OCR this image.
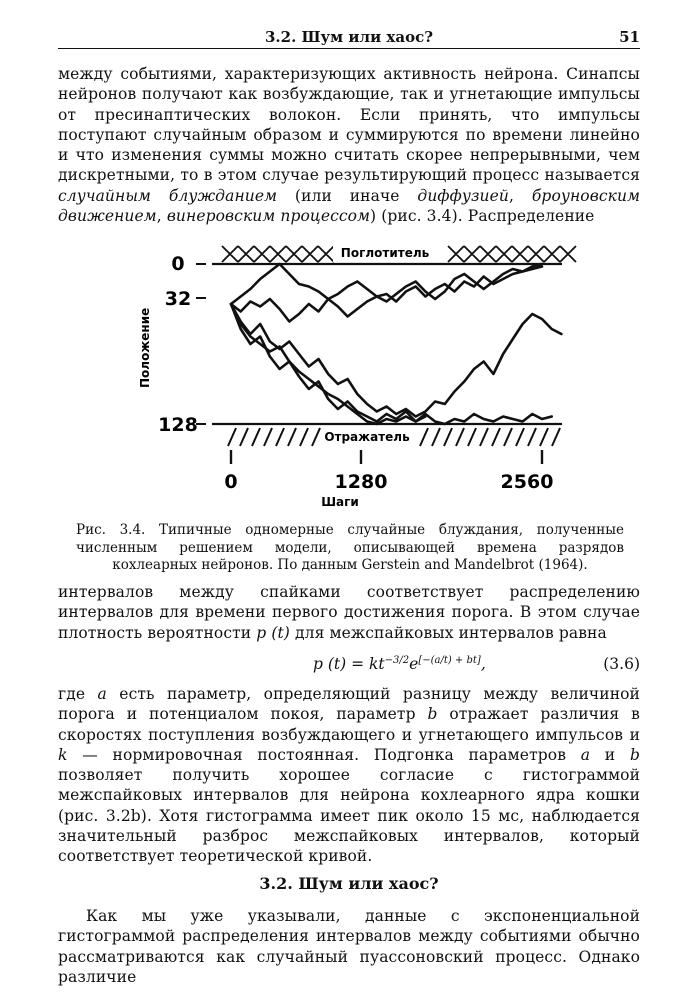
3.2. Шум или хаос?	51

между событиями, характеризующих активность нейрона. Синапсы нейронов получают как возбуждающие, так и угнетающие импульсы от пресинаптических волокон. Если принять, что импульсы поступают случайным образом и суммируются по времени линейно и что изменения суммы можно считать скорее непрерывными, чем дискретными, то в этом случае результирующий процесс называется случайным блужданием (или иначе диффузией, броуновским движением, винеровским процессом) (рис. 3.4). Распределение

Поглотитель
Отражатель
0
32
128
0	1280	2560
Шаги
Положение

Рис. 3.4. Типичные одномерные случайные блуждания, полученные численным решением модели, описывающей времена разрядов кохлеарных нейронов. По данным Gerstein and Mandelbrot (1964).

интервалов между спайками соответствует распределению интервалов для времени первого достижения порога. В этом случае плотность вероятности p (t) для межспайковых интервалов равна

p $(t) = kt^{-3/2}e[-(a/t) + bt]$,	(3.6)

где a есть параметр, определяющий разницу между величиной порога и потенциалом покоя, параметр b отражает различия в скоростях поступления возбуждающего и угнетающего импульсов и k — нормировочная постоянная. Подгонка параметров a и b позволяет получить хорошее согласие с гистограммой межспайковых интервалов для нейрона кохлеарного ядра кошки (рис. 3.2b). Хотя гистограмма имеет пик около 15 мс, наблюдается значительный разброс межспайковых интервалов, который соответствует теоретической кривой.

3.2. Шум или хаос?

Как мы уже указывали, данные с экспоненциальной гистограммой распределения интервалов между событиями обычно рассматриваются как случайный пуассоновский процесс. Однако различие
